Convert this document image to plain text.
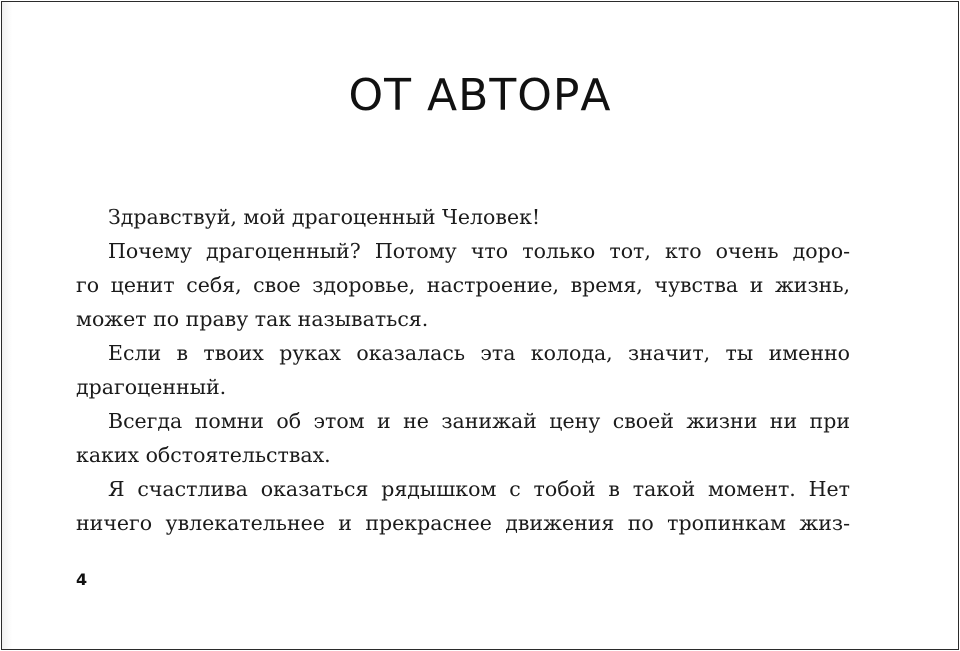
ОТ АВТОРА

Здравствуй, мой драгоценный Человек!

Почему драгоценный? Потому что только тот, кто очень доро-
го ценит себя, свое здоровье, настроение, время, чувства и жизнь,
может по праву так называться.

Если в твоих руках оказалась эта колода, значит, ты именно
драгоценный.

Всегда помни об этом и не занижай цену своей жизни ни при
каких обстоятельствах.

Я счастлива оказаться рядышком с тобой в такой момент. Нет
ничего увлекательнее и прекраснее движения по тропинкам жиз-

4
